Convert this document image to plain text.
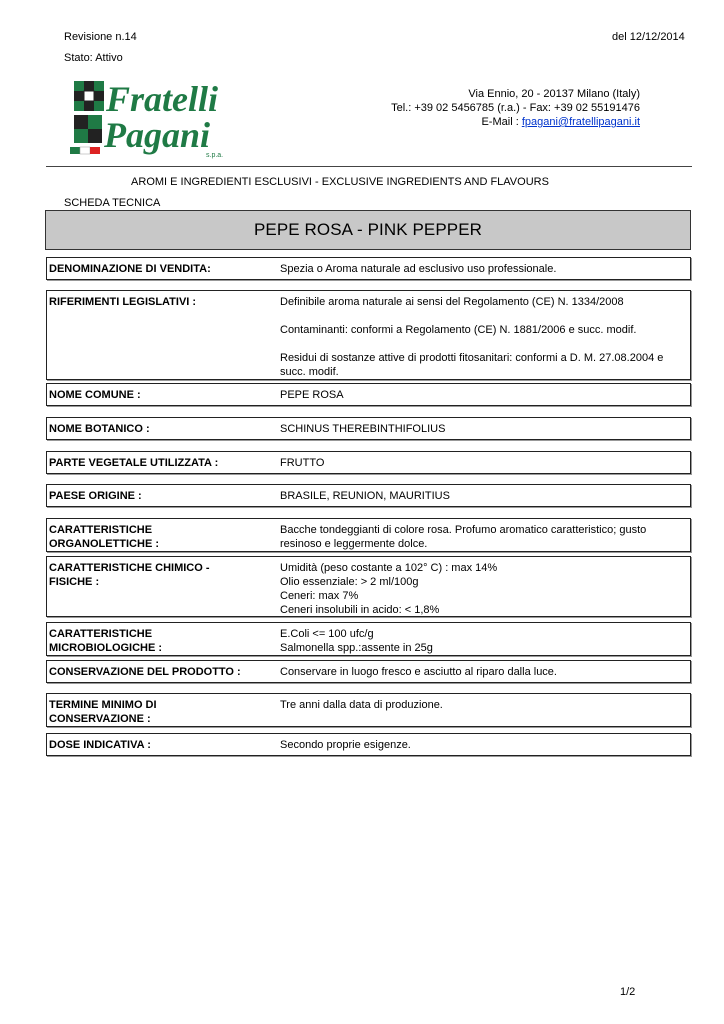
Revisione n.14	del 12/12/2014
Stato: Attivo
Fratelli
Pagani
s.p.a.
Via Ennio, 20 - 20137 Milano (Italy)
Tel.: +39 02 5456785 (r.a.) - Fax: +39 02 55191476
E-Mail : fpagani@fratellipagani.it
AROMI E INGREDIENTI ESCLUSIVI - EXCLUSIVE INGREDIENTS AND FLAVOURS
SCHEDA TECNICA
PEPE ROSA - PINK PEPPER
DENOMINAZIONE DI VENDITA:	Spezia o Aroma naturale ad esclusivo uso professionale.

RIFERIMENTI LEGISLATIVI :	Definibile aroma naturale ai sensi del Regolamento (CE) N. 1334/2008

Contaminanti: conformi a Regolamento (CE) N. 1881/2006 e succ. modif.

Residui di sostanze attive di prodotti fitosanitari: conformi a D. M. 27.08.2004 e succ. modif.

NOME COMUNE :	PEPE ROSA

NOME BOTANICO :	SCHINUS THEREBINTHIFOLIUS

PARTE VEGETALE UTILIZZATA :	FRUTTO

PAESE ORIGINE :	BRASILE, REUNION, MAURITIUS

CARATTERISTICHE ORGANOLETTICHE :

Bacche tondeggianti di colore rosa. Profumo aromatico caratteristico; gusto resinoso e leggermente dolce.

CARATTERISTICHE CHIMICO - FISICHE :

Umidità (peso costante a 102° C) : max 14%

Olio essenziale: > 2 ml/100g

Ceneri: max 7%

Ceneri insolubili in acido: < 1,8%

CARATTERISTICHE MICROBIOLOGICHE :

E.Coli <= 100 ufc/g

Salmonella spp.:assente in 25g

CONSERVAZIONE DEL PRODOTTO :	Conservare in luogo fresco e asciutto al riparo dalla luce.

TERMINE MINIMO DI CONSERVAZIONE :

Tre anni dalla data di produzione.

DOSE INDICATIVA :	Secondo proprie esigenze.

1/2
